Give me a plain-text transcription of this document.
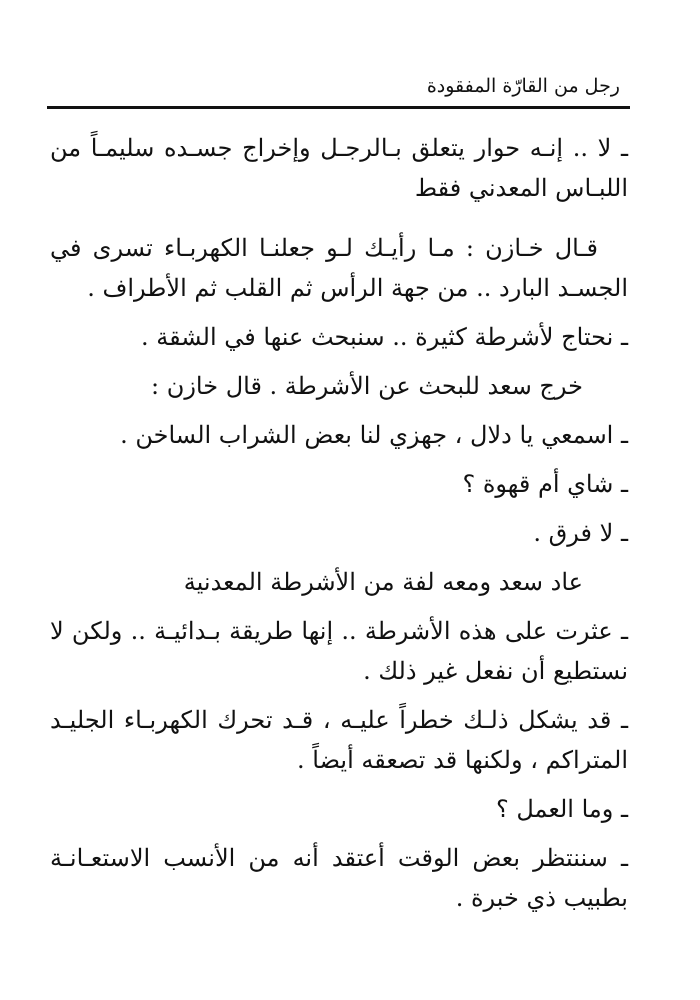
رجل من القارّة المفقودة

ـ لا .. إنـه حوار يتعلق بـالرجـل وإخراج جسـده سليمـاً من اللبـاس المعدني فقط

قـال خـازن : مـا رأيـك لـو جعلنـا الكهربـاء تسرى في الجسـد البارد .. من جهة الرأس ثم القلب ثم الأطراف .

ـ نحتاج لأشرطة كثيرة .. سنبحث عنها في الشقة .

خرج سعد للبحث عن الأشرطة . قال خازن :

ـ اسمعي يا دلال ، جهزي لنا بعض الشراب الساخن .

ـ شاي أم قهوة ؟

ـ لا فرق .

عاد سعد ومعه لفة من الأشرطة المعدنية

ـ عثرت على هذه الأشرطة .. إنها طريقة بـدائيـة .. ولكن لا نستطيع أن نفعل غير ذلك .

ـ قد يشكل ذلـك خطراً عليـه ، قـد تحرك الكهربـاء الجليـد المتراكم ، ولكنها قد تصعقه أيضاً .

ـ وما العمل ؟

ـ سننتظر بعض الوقت أعتقد أنه من الأنسب الاستعـانـة بطبيب ذي خبرة .
